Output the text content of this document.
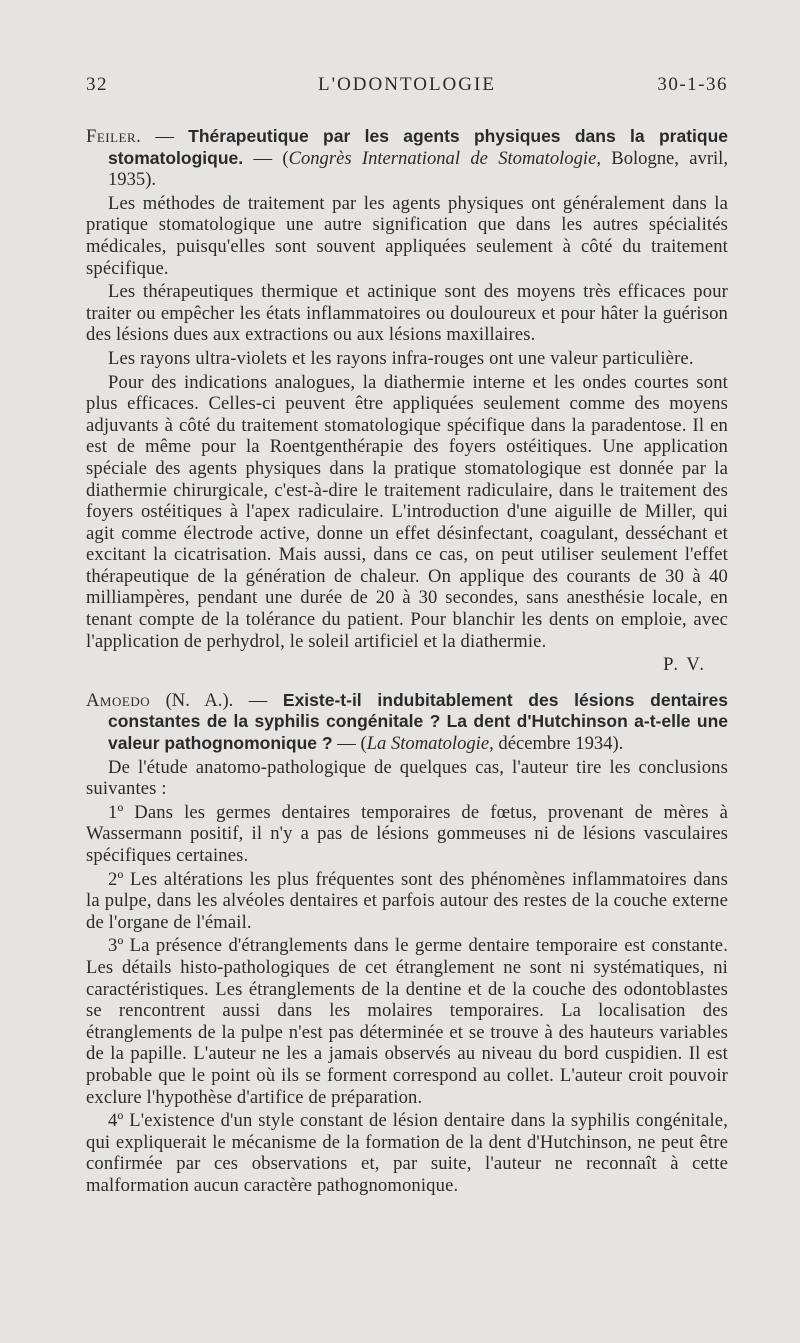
32	L'ODONTOLOGIE	30-1-36

Feiler. — Thérapeutique par les agents physiques dans la pratique stomatologique. — (Congrès International de Stomatologie, Bologne, avril, 1935).

Les méthodes de traitement par les agents physiques ont généralement dans la pratique stomatologique une autre signification que dans les autres spécialités médicales, puisqu'elles sont souvent appliquées seulement à côté du traitement spécifique.

Les thérapeutiques thermique et actinique sont des moyens très efficaces pour traiter ou empêcher les états inflammatoires ou douloureux et pour hâter la guérison des lésions dues aux extractions ou aux lésions maxillaires.

Les rayons ultra-violets et les rayons infra-rouges ont une valeur particulière.

Pour des indications analogues, la diathermie interne et les ondes courtes sont plus efficaces. Celles-ci peuvent être appliquées seulement comme des moyens adjuvants à côté du traitement stomatologique spécifique dans la paradentose. Il en est de même pour la Roentgenthérapie des foyers ostéitiques. Une application spéciale des agents physiques dans la pratique stomatologique est donnée par la diathermie chirurgicale, c'est-à-dire le traitement radiculaire, dans le traitement des foyers ostéitiques à l'apex radiculaire. L'introduction d'une aiguille de Miller, qui agit comme électrode active, donne un effet désinfectant, coagulant, desséchant et excitant la cicatrisation. Mais aussi, dans ce cas, on peut utiliser seulement l'effet thérapeutique de la génération de chaleur. On applique des courants de 30 à 40 milliampères, pendant une durée de 20 à 30 secondes, sans anesthésie locale, en tenant compte de la tolérance du patient. Pour blanchir les dents on emploie, avec l'application de perhydrol, le soleil artificiel et la diathermie.

P. V.

Amoedo (N. A.). — Existe-t-il indubitablement des lésions dentaires constantes de la syphilis congénitale ? La dent d'Hutchinson a-t-elle une valeur pathognomonique ? — (La Stomatologie, décembre 1934).

De l'étude anatomo-pathologique de quelques cas, l'auteur tire les conclusions suivantes :

1º Dans les germes dentaires temporaires de fœtus, provenant de mères à Wassermann positif, il n'y a pas de lésions gommeuses ni de lésions vasculaires spécifiques certaines.

2º Les altérations les plus fréquentes sont des phénomènes inflammatoires dans la pulpe, dans les alvéoles dentaires et parfois autour des restes de la couche externe de l'organe de l'émail.

3º La présence d'étranglements dans le germe dentaire temporaire est constante. Les détails histo-pathologiques de cet étranglement ne sont ni systématiques, ni caractéristiques. Les étranglements de la dentine et de la couche des odontoblastes se rencontrent aussi dans les molaires temporaires. La localisation des étranglements de la pulpe n'est pas déterminée et se trouve à des hauteurs variables de la papille. L'auteur ne les a jamais observés au niveau du bord cuspidien. Il est probable que le point où ils se forment correspond au collet. L'auteur croit pouvoir exclure l'hypothèse d'artifice de préparation.

4º L'existence d'un style constant de lésion dentaire dans la syphilis congénitale, qui expliquerait le mécanisme de la formation de la dent d'Hutchinson, ne peut être confirmée par ces observations et, par suite, l'auteur ne reconnaît à cette malformation aucun caractère pathognomonique.
